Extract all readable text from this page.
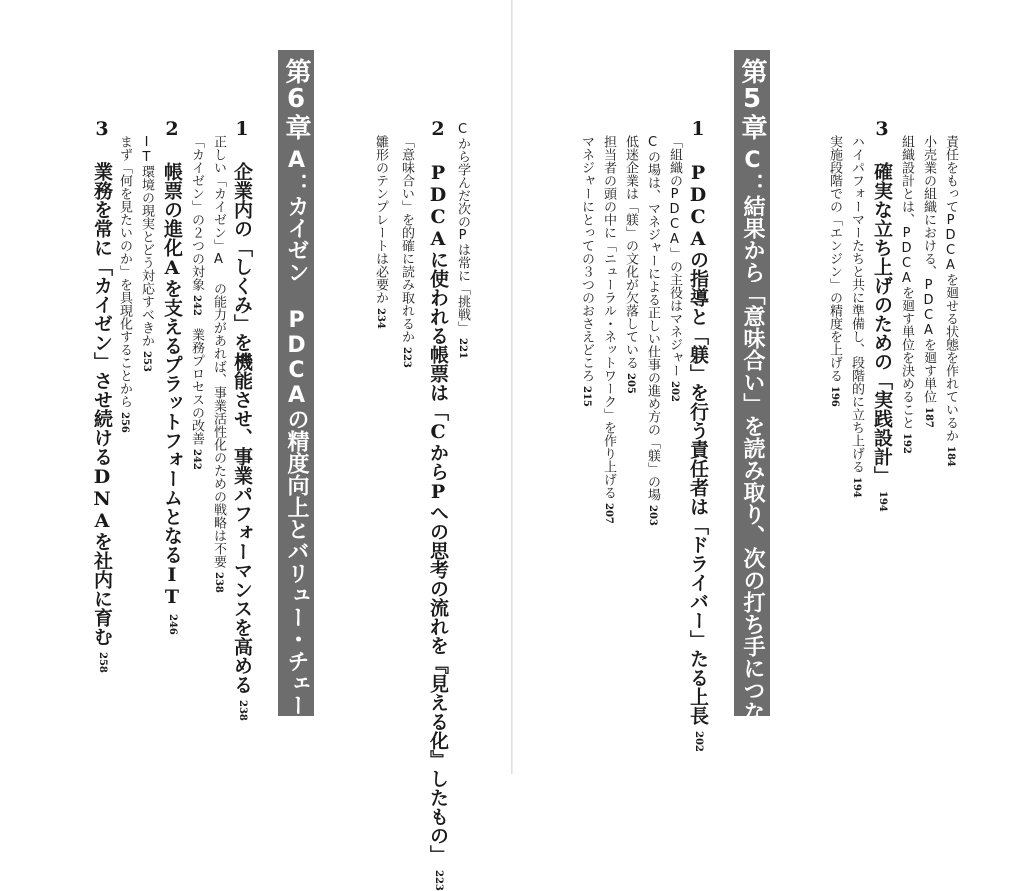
Cから学んだ次のPは常に「挑戦」221
2 PDCAに使われる帳票は「CからPへの思考の流れを『見える化』したもの」223
「意味合い」を的確に読み取れるか223
雛形のテンプレートは必要か234
第6章
A：カイゼン PDCAの精度向上とバリュー・チェーンの進化
237
1 企業内の「しくみ」を機能させ、事業パフォーマンスを高める238
正しい「カイゼン」A の能力があれば、事業活性化のための戦略は不要238
「カイゼン」の２つの対象242業務プロセスの改善242
2 帳票の進化Aを支えるプラットフォームとなるIT246
IT環境の現実とどう対応すべきか253
まず「何を見たいのか」を具現化することから256
3 業務を常に「カイゼン」させ続けるDNAを社内に育む258
責任をもってPDCAを廻せる状態を作れているか184
小売業の組織における、PDCAを廻す単位187
組織設計とは、PDCAを廻す単位を決めること192
3 確実な立ち上げのための「実践設計」194
ハイパフォーマーたちと共に準備し、段階的に立ち上げる194
実施段階での「エンジン」の精度を上げる196
第5章
C：結果から「意味合い」を読み取り、次の打ち手につなげる
201
1 PDCAの指導と「躾」を行う責任者は「ドライバー」たる上長202
「組織のPDCA」の主役はマネジャー202
Cの場は、マネジャーによる正しい仕事の進め方の「躾」の場203
低迷企業は「躾」の文化が欠落している205
担当者の頭の中に「ニューラル・ネットワーク」を作り上げる207
マネジャーにとっての３つのおさえどころ215
